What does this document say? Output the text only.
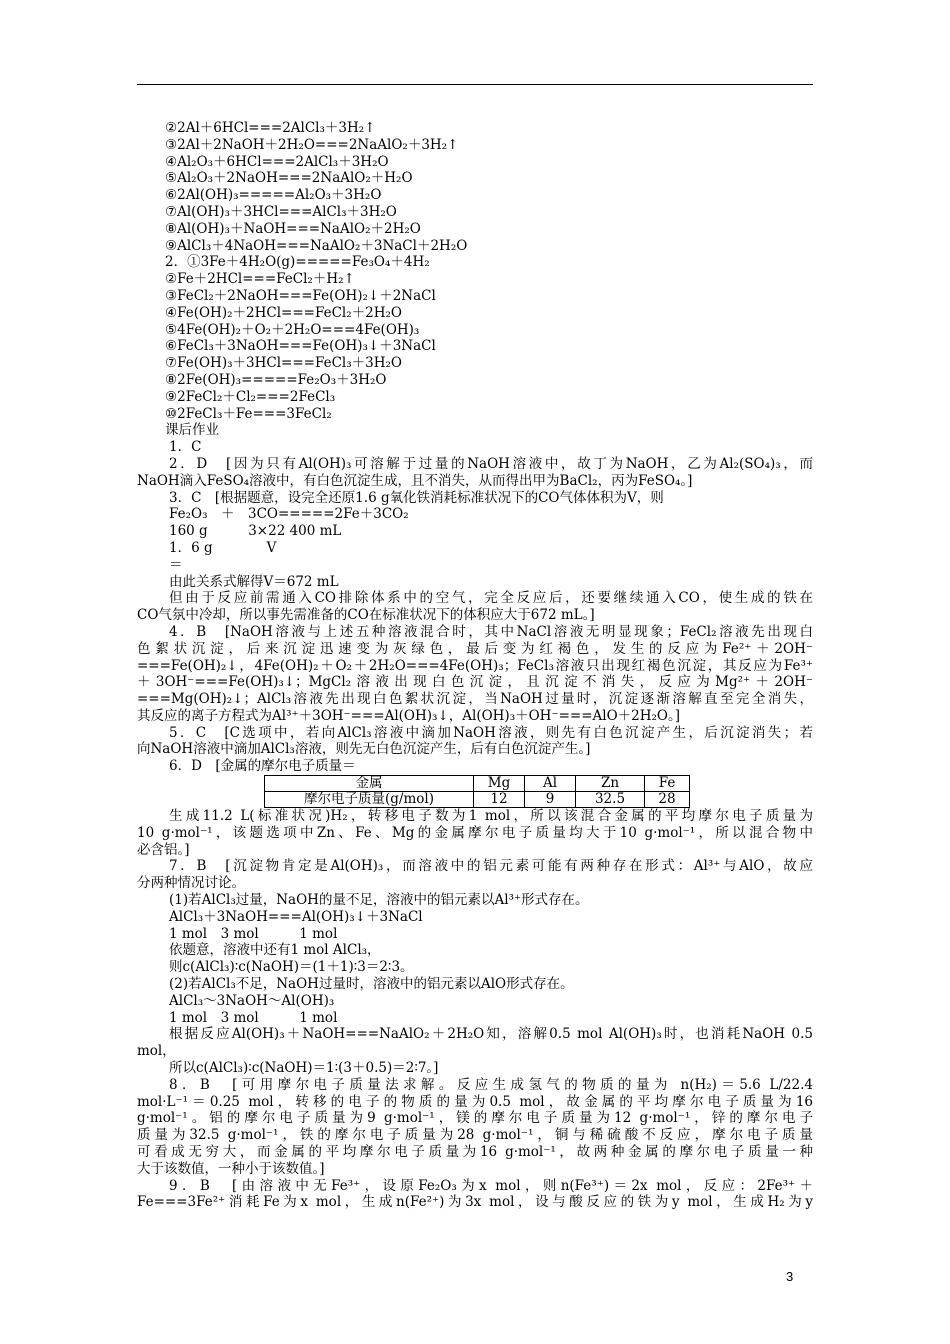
②2Al＋6HCl===2AlCl₃＋3H₂↑
③2Al＋2NaOH＋2H₂O===2NaAlO₂＋3H₂↑
④Al₂O₃＋6HCl===2AlCl₃＋3H₂O
⑤Al₂O₃＋2NaOH===2NaAlO₂＋H₂O
⑥2Al(OH)₃=====Al₂O₃＋3H₂O
⑦Al(OH)₃＋3HCl===AlCl₃＋3H₂O
⑧Al(OH)₃＋NaOH===NaAlO₂＋2H₂O
⑨AlCl₃＋4NaOH===NaAlO₂＋3NaCl＋2H₂O
2．①3Fe＋4H₂O(g)=====Fe₃O₄＋4H₂
②Fe＋2HCl===FeCl₂＋H₂↑
③FeCl₂＋2NaOH===Fe(OH)₂↓＋2NaCl
④Fe(OH)₂＋2HCl===FeCl₂＋2H₂O
⑤4Fe(OH)₂＋O₂＋2H₂O===4Fe(OH)₃
⑥FeCl₃＋3NaOH===Fe(OH)₃↓＋3NaCl
⑦Fe(OH)₃＋3HCl===FeCl₃＋3H₂O
⑧2Fe(OH)₃=====Fe₂O₃＋3H₂O
⑨2FeCl₂＋Cl₂===2FeCl₃
⑩2FeCl₃＋Fe===3FeCl₂
课后作业
1．C
2．D　[因为只有Al(OH)₃可溶解于过量的NaOH溶液中，故丁为NaOH，乙为Al₂(SO₄)₃，而
NaOH滴入FeSO₄溶液中，有白色沉淀生成，且不消失，从而得出甲为BaCl₂，丙为FeSO₄。]
3．C　[根据题意，设完全还原1.6 g氧化铁消耗标准状况下的CO气体体积为V，则
Fe₂O₃　＋　3CO=====2Fe＋3CO₂
160 g　　　3×22 400 mL
1．6 g　　　　V
＝
由此关系式解得V＝672 mL
但由于反应前需通入CO排除体系中的空气，完全反应后，还要继续通入CO，使生成的铁在
CO气氛中冷却，所以事先需准备的CO在标准状况下的体积应大于672 mL。]
4．B　[NaOH溶液与上述五种溶液混合时，其中NaCl溶液无明显现象；FeCl₂溶液先出现白
色絮状沉淀，后来沉淀迅速变为灰绿色，最后变为红褐色，发生的反应为Fe²⁺＋2OH⁻
===Fe(OH)₂↓，4Fe(OH)₂＋O₂＋2H₂O===4Fe(OH)₃；FeCl₃溶液只出现红褐色沉淀，其反应为Fe³⁺
＋3OH⁻===Fe(OH)₃↓；MgCl₂溶液出现白色沉淀，且沉淀不消失，反应为Mg²⁺＋2OH⁻
===Mg(OH)₂↓；AlCl₃溶液先出现白色絮状沉淀，当NaOH过量时，沉淀逐渐溶解直至完全消失，
其反应的离子方程式为Al³⁺＋3OH⁻===Al(OH)₃↓，Al(OH)₃＋OH⁻===AlO＋2H₂O。]
5．C　[C选项中，若向AlCl₃溶液中滴加NaOH溶液，则先有白色沉淀产生，后沉淀消失；若
向NaOH溶液中滴加AlCl₃溶液，则先无白色沉淀产生，后有白色沉淀产生。]
6．D　[金属的摩尔电子质量＝
金属	Mg	Al	Zn	Fe
摩尔电子质量(g/mol)	12	9	32.5	28
生成11.2 L(标准状况)H₂，转移电子数为1 mol，所以该混合金属的平均摩尔电子质量为
10 g·mol⁻¹，该题选项中Zn、Fe、Mg的金属摩尔电子质量均大于10 g·mol⁻¹，所以混合物中
必含铝。]
7．B　[沉淀物肯定是Al(OH)₃，而溶液中的铝元素可能有两种存在形式：Al³⁺与AlO，故应
分两种情况讨论。
(1)若AlCl₃过量，NaOH的量不足，溶液中的铝元素以Al³⁺形式存在。
AlCl₃＋3NaOH===Al(OH)₃↓＋3NaCl
1 mol　3 mol　　　1 mol
依题意，溶液中还有1 mol AlCl₃，
则c(AlCl₃)∶c(NaOH)＝(1＋1)∶3＝2∶3。
(2)若AlCl₃不足，NaOH过量时，溶液中的铝元素以AlO形式存在。
AlCl₃～3NaOH～Al(OH)₃
1 mol　3 mol　　　1 mol
根据反应Al(OH)₃＋NaOH===NaAlO₂＋2H₂O知，溶解0.5 mol Al(OH)₃时，也消耗NaOH 0.5
mol，
所以c(AlCl₃)∶c(NaOH)＝1∶(3＋0.5)＝2∶7。]
8．B　[可用摩尔电子质量法求解。反应生成氢气的物质的量为 n(H₂)＝5.6 L/22.4
mol·L⁻¹＝0.25 mol，转移的电子的物质的量为0.5 mol，故金属的平均摩尔电子质量为16
g·mol⁻¹。铝的摩尔电子质量为9 g·mol⁻¹，镁的摩尔电子质量为12 g·mol⁻¹，锌的摩尔电子
质量为32.5 g·mol⁻¹，铁的摩尔电子质量为28 g·mol⁻¹，铜与稀硫酸不反应，摩尔电子质量
可看成无穷大，而金属的平均摩尔电子质量为16 g·mol⁻¹，故两种金属的摩尔电子质量一种
大于该数值，一种小于该数值。]
9．B　[由溶液中无Fe³⁺，设原Fe₂O₃为x mol，则n(Fe³⁺)＝2x mol，反应：2Fe³⁺＋
Fe===3Fe²⁺消耗Fe为x mol，生成n(Fe²⁺)为3x mol，设与酸反应的铁为y mol，生成H₂为y
3
